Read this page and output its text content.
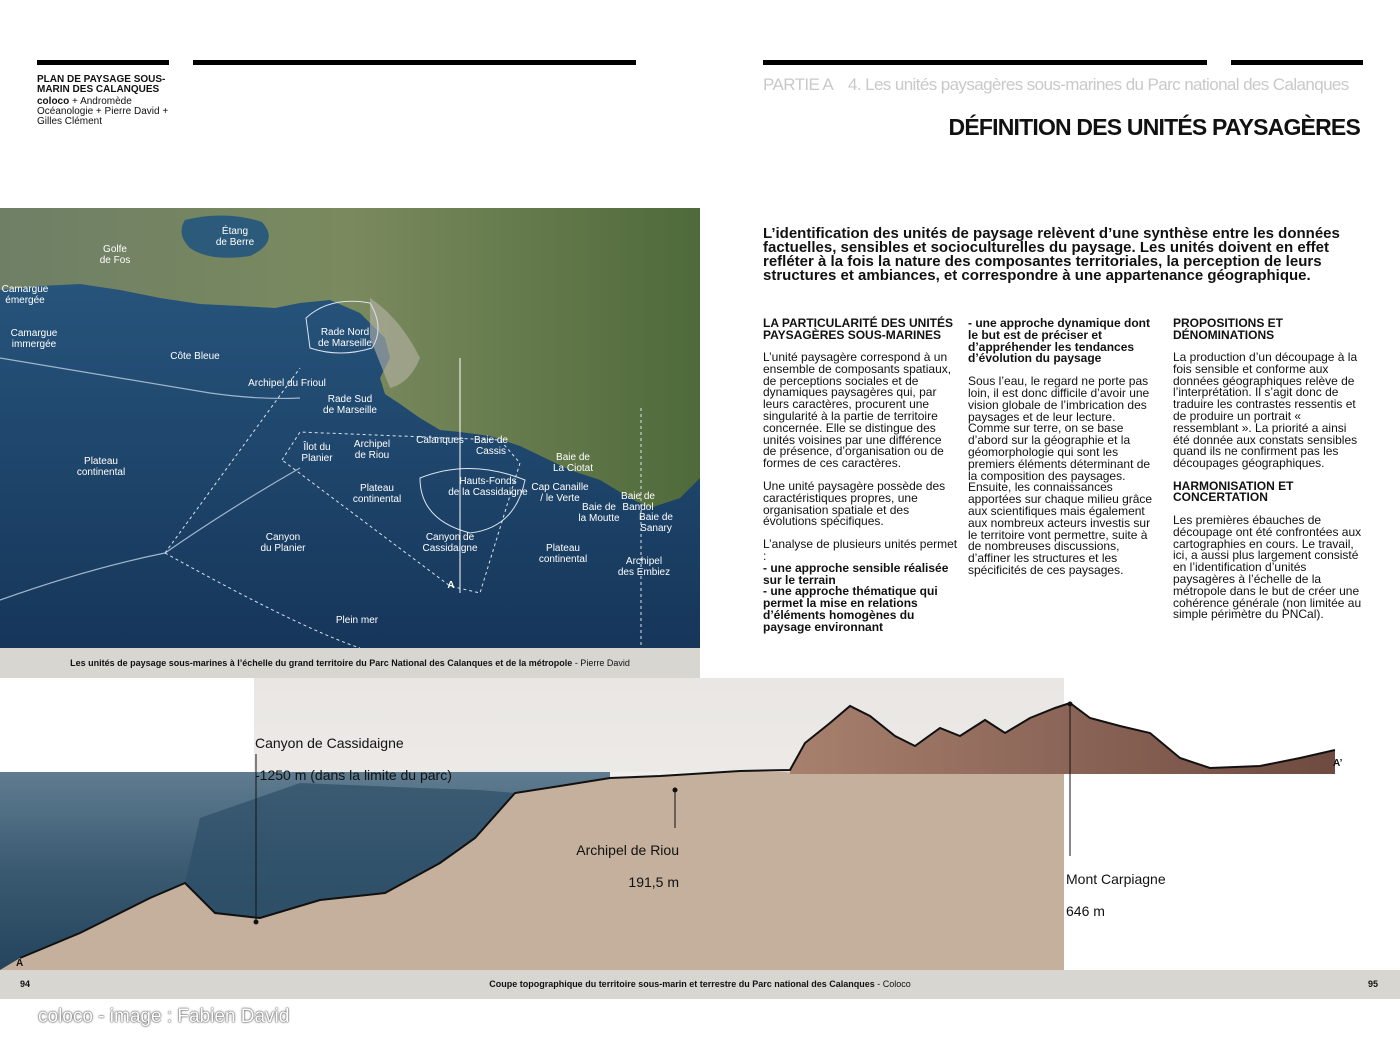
PLAN DE PAYSAGE SOUS-MARIN DES CALANQUES
coloco + Andromède Océanologie + Pierre David + Gilles Clément
PARTIE A 4. Les unités paysagères sous-marines du Parc national des Calanques
DÉFINITION DES UNITÉS PAYSAGÈRES
L’identification des unités de paysage relèvent d’une synthèse entre les données factuelles, sensibles et socioculturelles du paysage. Les unités doivent en effet refléter à la fois la nature des composantes territoriales, la perception de leurs structures et ambiances, et correspondre à une appartenance géographique.
LA PARTICULARITÉ DES UNITÉS PAYSAGÈRES SOUS-MARINES

L’unité paysagère correspond à un ensemble de composants spatiaux, de perceptions sociales et de dynamiques paysagères qui, par leurs caractères, procurent une singularité à la partie de territoire concernée. Elle se distingue des unités voisines par une différence de présence, d’organisation ou de formes de ces caractères.

Une unité paysagère possède des caractéristiques propres, une organisation spatiale et des évolutions spécifiques.

L’analyse de plusieurs unités permet :
- une approche sensible réalisée sur le terrain
- une approche thématique qui permet la mise en relations d’éléments homogènes du paysage environnant

- une approche dynamique dont le but est de préciser et d’appréhender les tendances d’évolution du paysage

Sous l’eau, le regard ne porte pas loin, il est donc difficile d’avoir une vision globale de l’imbrication des paysages et de leur lecture. Comme sur terre, on se base d’abord sur la géographie et la géomorphologie qui sont les premiers éléments déterminant de la composition des paysages. Ensuite, les connaissances apportées sur chaque milieu grâce aux scientifiques mais également aux nombreux acteurs investis sur le territoire vont permettre, suite à de nombreuses discussions, d’affiner les structures et les spécificités de ces paysages.

PROPOSITIONS ET DÉNOMINATIONS

La production d’un découpage à la fois sensible et conforme aux données géographiques relève de l’interprétation. Il s’agit donc de traduire les contrastes ressentis et de produire un portrait « ressemblant ». La priorité a ainsi été donnée aux constats sensibles quand ils ne confirment pas les découpages géographiques.

HARMONISATION ET CONCERTATION

Les premières ébauches de découpage ont été confrontées aux cartographies en cours. Le travail, ici, a aussi plus largement consisté en l’identification d’unités paysagères à l’échelle de la métropole dans le but de créer une cohérence générale (non limitée au simple périmètre du PNCal).

Étang
de Berre
Golfe
de Fos
Camargue
émergée
Camargue
immergée
Côte Bleue
Rade Nord
de Marseille
Archipel du Frioul
Rade Sud
de Marseille
Îlot du
Planier
Archipel
de Riou
Calanques	Baie de
Cassis
Baie de
La Ciotat
Plateau
continental
Plateau
continental
Hauts-Fonds
de la Cassidaigne Cap Canaille
/ le Verte	Baie de
Bandol
Baie de
la Moutte	Baie de
Sanary
Canyon
du Planier
Canyon de
Cassidaigne	Plateau
continental	Archipel
des Embiez
Plein mer
A
Les unités de paysage sous-marines à l’échelle du grand territoire du Parc National des Calanques et de la métropole - Pierre David

Canyon de Cassidaigne

-1250 m (dans la limite du parc)

Archipel de Riou

191,5 m	Mont Carpiagne

646 m

A’
A
94	Coupe topographique du territoire sous-marin et terrestre du Parc national des Calanques - Coloco	95
coloco - image : Fabien David
